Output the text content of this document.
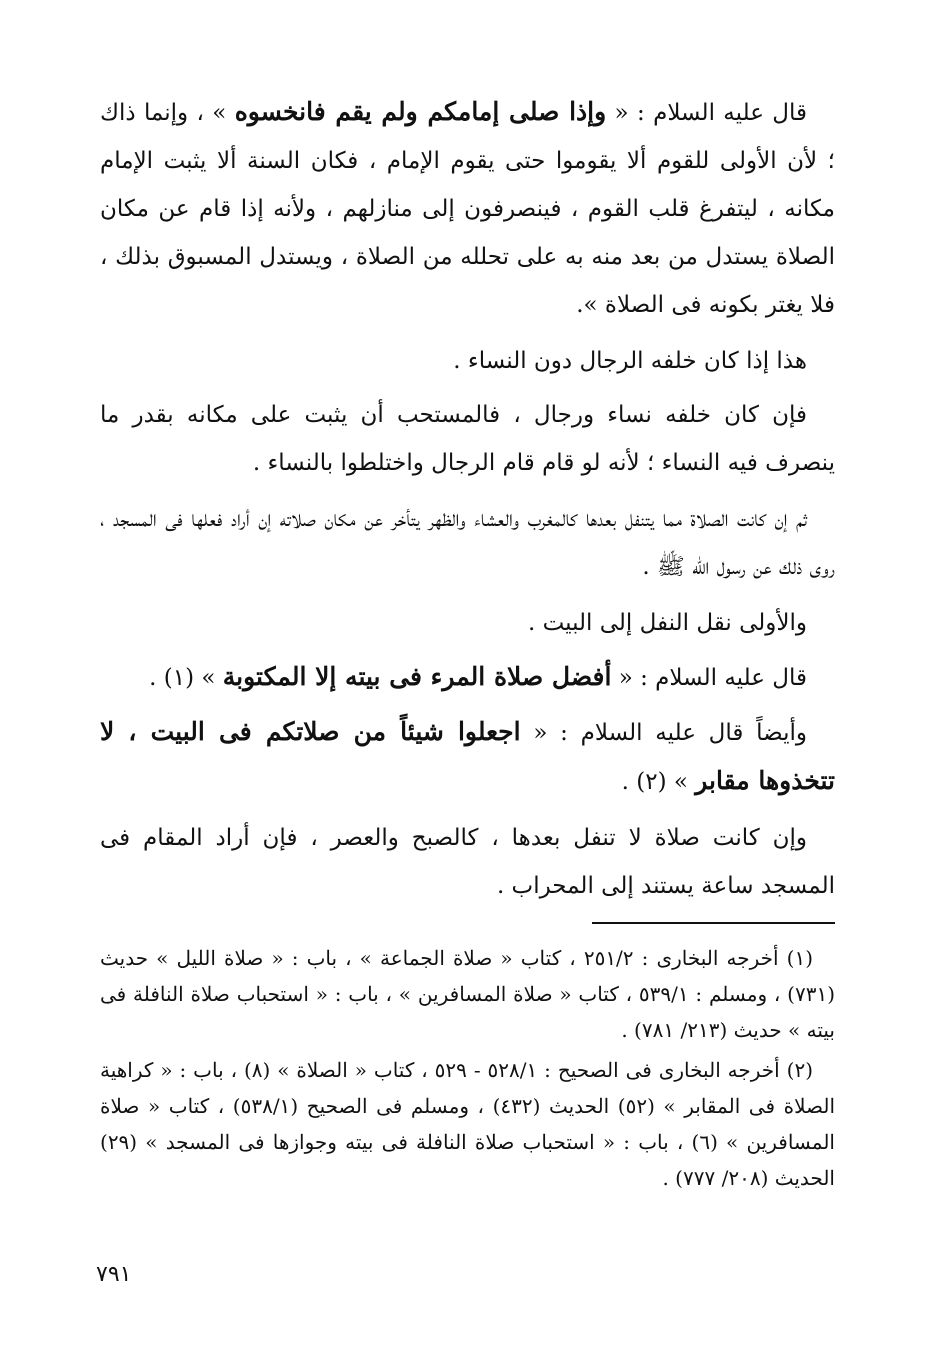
قال عليه السلام : « وإذا صلى إمامكم ولم يقم فانخسوه » ، وإنما ذاك ؛ لأن الأولى للقوم ألا يقوموا حتى يقوم الإمام ، فكان السنة ألا يثبت الإمام مكانه ، ليتفرغ قلب القوم ، فينصرفون إلى منازلهم ، ولأنه إذا قام عن مكان الصلاة يستدل من بعد منه به على تحلله من الصلاة ، ويستدل المسبوق بذلك ، فلا يغتر بكونه فى الصلاة ».

هذا إذا كان خلفه الرجال دون النساء .

فإن كان خلفه نساء ورجال ، فالمستحب أن يثبت على مكانه بقدر ما ينصرف فيه النساء ؛ لأنه لو قام قام الرجال واختلطوا بالنساء .

ثم إن كانت الصلاة مما يتنفل بعدها كالمغرب والعشاء والظهر يتأخر عن مكان صلاته إن أراد فعلها فى المسجد ، روى ذلك عن رسول الله ﷺ .

والأولى نقل النفل إلى البيت .

قال عليه السلام : « أفضل صلاة المرء فى بيته إلا المكتوبة » (١) .

وأيضاً قال عليه السلام : « اجعلوا شيئاً من صلاتكم فى البيت ، لا تتخذوها مقابر » (٢) .

وإن كانت صلاة لا تنفل بعدها ، كالصبح والعصر ، فإن أراد المقام فى المسجد ساعة يستند إلى المحراب .

(١) أخرجه البخارى : ٢٥١/٢ ، كتاب « صلاة الجماعة » ، باب : « صلاة الليل » حديث (٧٣١) ، ومسلم : ٥٣٩/١ ، كتاب « صلاة المسافرين » ، باب : « استحباب صلاة النافلة فى بيته » حديث (٢١٣/ ٧٨١) .

(٢) أخرجه البخارى فى الصحيح : ٥٢٨/١ - ٥٢٩ ، كتاب « الصلاة » (٨) ، باب : « كراهية الصلاة فى المقابر » (٥٢) الحديث (٤٣٢) ، ومسلم فى الصحيح (٥٣٨/١) ، كتاب « صلاة المسافرين » (٦) ، باب : « استحباب صلاة النافلة فى بيته وجوازها فى المسجد » (٢٩) الحديث (٢٠٨/ ٧٧٧) .

٧٩١
